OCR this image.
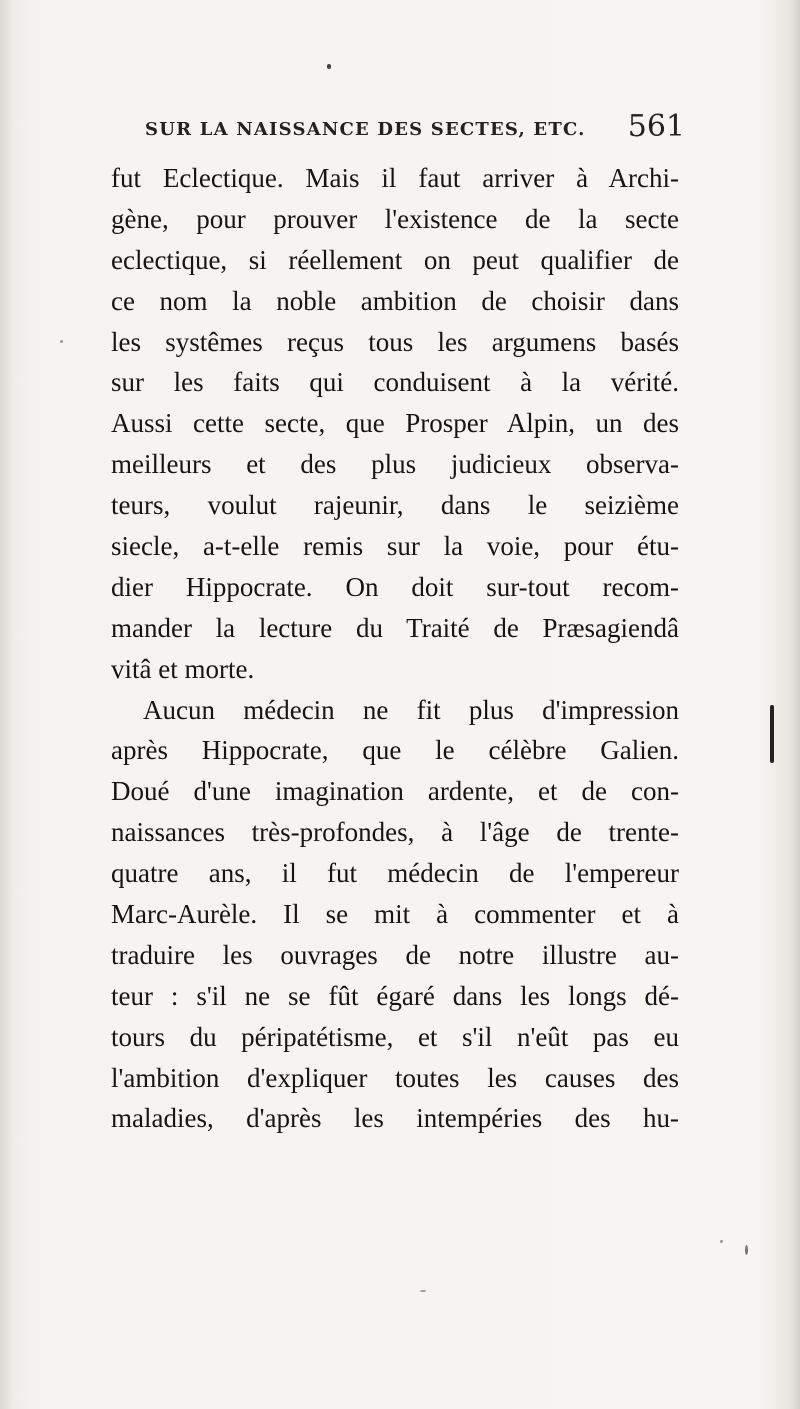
SUR LA NAISSANCE DES SECTES, ETC. 561
fut Eclectique. Mais il faut arriver à Archi-
gène, pour prouver l'existence de la secte
eclectique, si réellement on peut qualifier de
ce nom la noble ambition de choisir dans
les systêmes reçus tous les argumens basés
sur les faits qui conduisent à la vérité.
Aussi cette secte, que Prosper Alpin, un des
meilleurs et des plus judicieux observa-
teurs, voulut rajeunir, dans le seizième
siecle, a-t-elle remis sur la voie, pour étu-
dier Hippocrate. On doit sur-tout recom-
mander la lecture du Traité de Præsagiendâ
vitâ et morte.
Aucun médecin ne fit plus d'impression
après Hippocrate, que le célèbre Galien.
Doué d'une imagination ardente, et de con-
naissances très-profondes, à l'âge de trente-
quatre ans, il fut médecin de l'empereur
Marc-Aurèle. Il se mit à commenter et à
traduire les ouvrages de notre illustre au-
teur : s'il ne se fût égaré dans les longs dé-
tours du péripatétisme, et s'il n'eût pas eu
l'ambition d'expliquer toutes les causes des
maladies, d'après les intempéries des hu-
